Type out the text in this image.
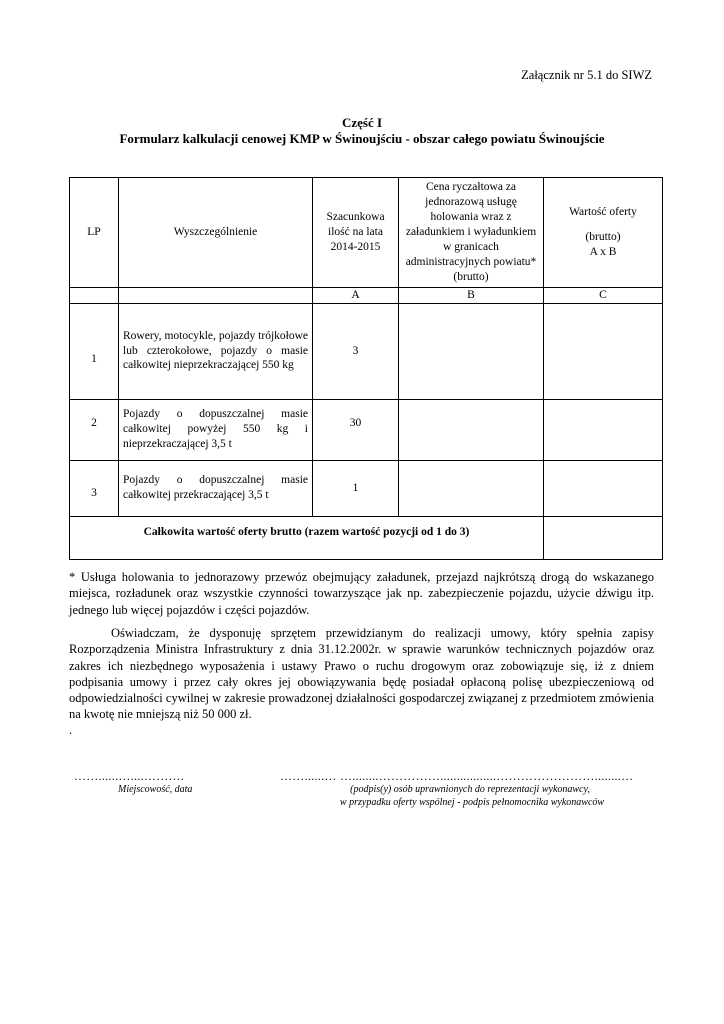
Załącznik nr 5.1 do SIWZ
Część I
Formularz kalkulacji cenowej KMP w Świnoujściu - obszar całego powiatu Świnoujście
LP	Wyszczególnienie	Szacunkowa ilość na lata 2014-2015	Cena ryczałtowa za jednorazową usługę holowania wraz z załadunkiem i wyładunkiem w granicach administracyjnych powiatu* (brutto)	Wartość oferty
(brutto)
A x B

		A	B	C
1	Rowery, motocykle, pojazdy trójkołowe lub czterokołowe, pojazdy o masie całkowitej nieprzekraczającej 550 kg	3		
2	Pojazdy o dopuszczalnej masie całkowitej powyżej 550 kg i nieprzekraczającej 3,5 t	30		
3	Pojazdy o dopuszczalnej masie całkowitej przekraczającej 3,5 t	1		
Całkowita wartość oferty brutto (razem wartość pozycji od 1 do 3)				
* Usługa holowania to jednorazowy przewóz obejmujący załadunek, przejazd najkrótszą drogą do wskazanego miejsca, rozładunek oraz wszystkie czynności towarzyszące jak np. zabezpieczenie pojazdu, użycie dźwigu itp. jednego lub więcej pojazdów i części pojazdów.
Oświadczam, że dysponuję sprzętem przewidzianym do realizacji umowy, który spełnia zapisy Rozporządzenia Ministra Infrastruktury z dnia 31.12.2002r. w sprawie warunków technicznych pojazdów oraz zakres ich niezbędnego wyposażenia i ustawy Prawo o ruchu drogowym oraz zobowiązuje się, iż z dniem podpisania umowy i przez cały okres jej obowiązywania będę posiadał opłaconą polisę ubezpieczeniową od odpowiedzialności cywilnej w zakresie prowadzonej działalności gospodarczej związanej z przedmiotem zmówienia na kwotę nie mniejszą niż 50 000 zł.
.
……......…....……….	……......… …........…………….................……………………........…
Miejscowość, data	(podpis(y) osób uprawnionych do reprezentacji wykonawcy,
w przypadku oferty wspólnej - podpis pełnomocnika wykonawców
